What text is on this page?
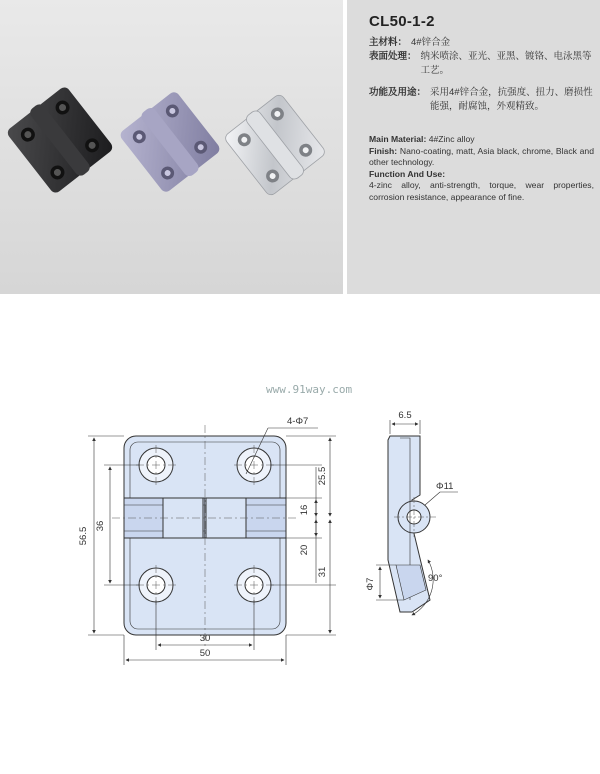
CL50-1-2
主材料： 4#锌合金
表面处理： 纳米喷涂、亚光、亚黑、镀铬、电泳黑等工艺。
功能及用途： 采用4#锌合金，抗强度、扭力、磨损性能强，耐腐蚀，外观精致。
Main Material: 4#Zinc alloy
Finish: Nano-coating, matt, Asia black, chrome, Black and other technology.
Function And Use:
4-zinc alloy, anti-strength, torque, wear properties, corrosion resistance, appearance of fine.
www.91way.com
4-Φ7
56.5
36
25.5
16
20
31
30
50
6.5
Φ11
Φ7	90°
